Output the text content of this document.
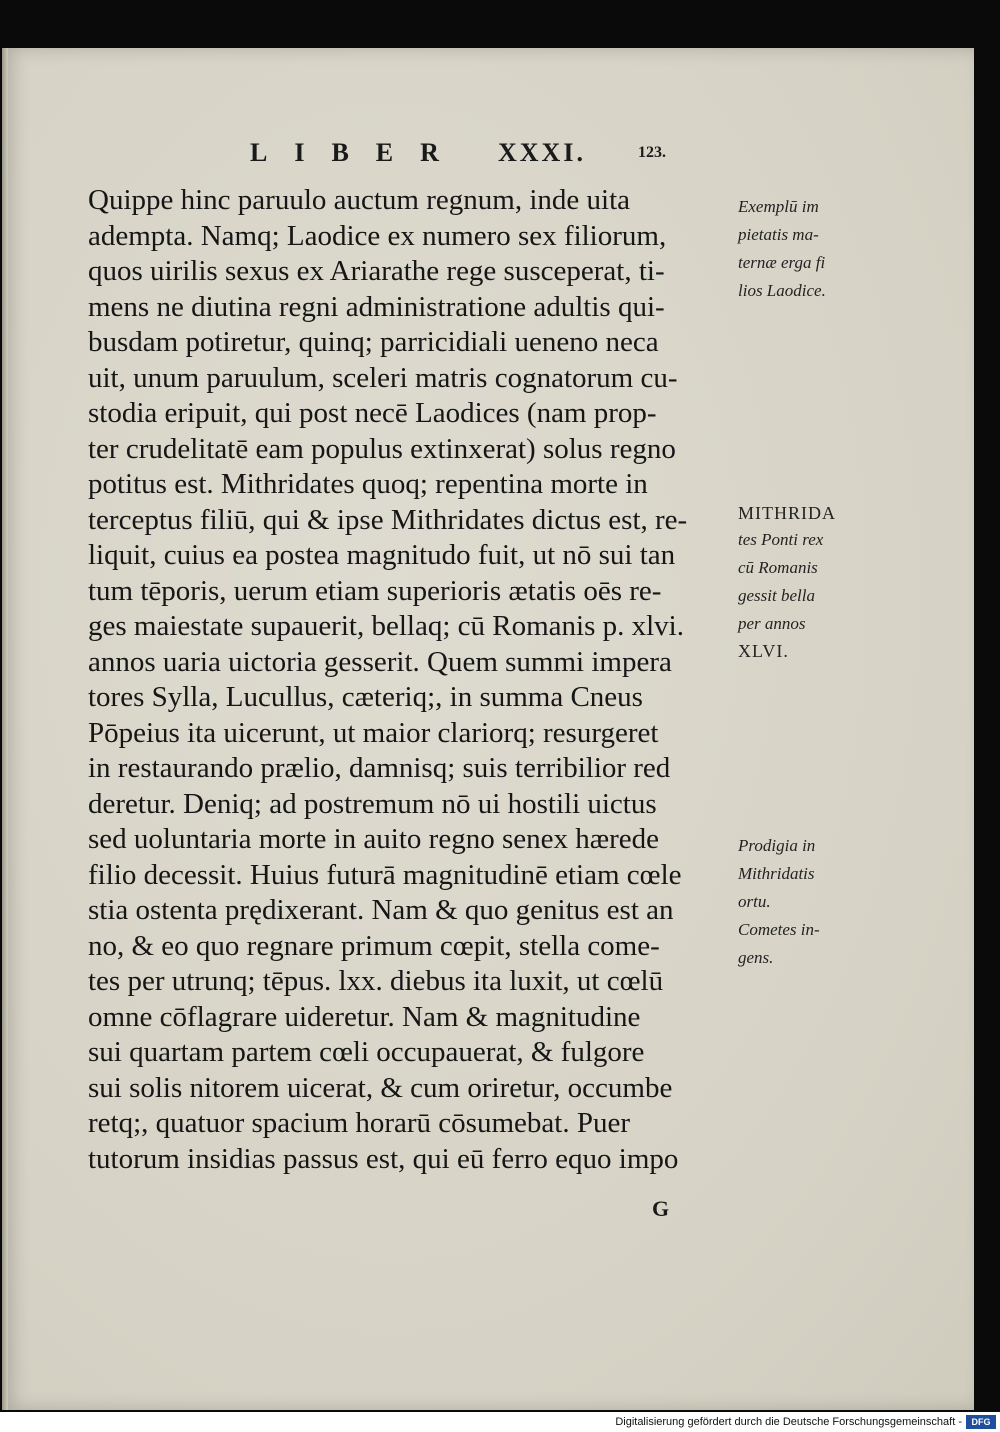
LIBER XXXI.	123.
Quippe hinc paruulo auctum regnum, inde uita
adempta. Namq; Laodice ex numero sex filiorum,
quos uirilis sexus ex Ariarathe rege susceperat, ti-
mens ne diutina regni administratione adultis qui-
busdam potiretur, quinq; parricidiali ueneno neca
uit, unum paruulum, sceleri matris cognatorum cu-
stodia eripuit, qui post necē Laodices (nam prop-
ter crudelitatē eam populus extinxerat) solus regno
potitus est. Mithridates quoq; repentina morte in
terceptus filiū, qui & ipse Mithridates dictus est, re-
liquit, cuius ea postea magnitudo fuit, ut nō sui tan
tum tēporis, uerum etiam superioris ætatis oēs re-
ges maiestate supauerit, bellaq; cū Romanis p. xlvi.
annos uaria uictoria gesserit. Quem summi impera
tores Sylla, Lucullus, cæteriq;, in summa Cneus
Pōpeius ita uicerunt, ut maior clariorq; resurgeret
in restaurando prælio, damnisq; suis terribilior red
deretur. Deniq; ad postremum nō ui hostili uictus
sed uoluntaria morte in auito regno senex hærede
filio decessit. Huius futurā magnitudinē etiam cœle
stia ostenta prędixerant. Nam & quo genitus est an
no, & eo quo regnare primum cœpit, stella come-
tes per utrunq; tēpus. lxx. diebus ita luxit, ut cœlū
omne cōflagrare uideretur. Nam & magnitudine
sui quartam partem cœli occupauerat, & fulgore
sui solis nitorem uicerat, & cum oriretur, occumbe
retq;, quatuor spacium horarū cōsumebat. Puer
tutorum insidias passus est, qui eū ferro equo impo
Exemplū im
pietatis ma-
ternæ erga fi
lios Laodice.
MITHRIDA
tes Ponti rex
cū Romanis
gessit bella
per annos
XLVI.
Prodigia in
Mithridatis
ortu.
Cometes in-
gens.
G
Digitalisierung gefördert durch die Deutsche Forschungsgemeinschaft -	DFG
